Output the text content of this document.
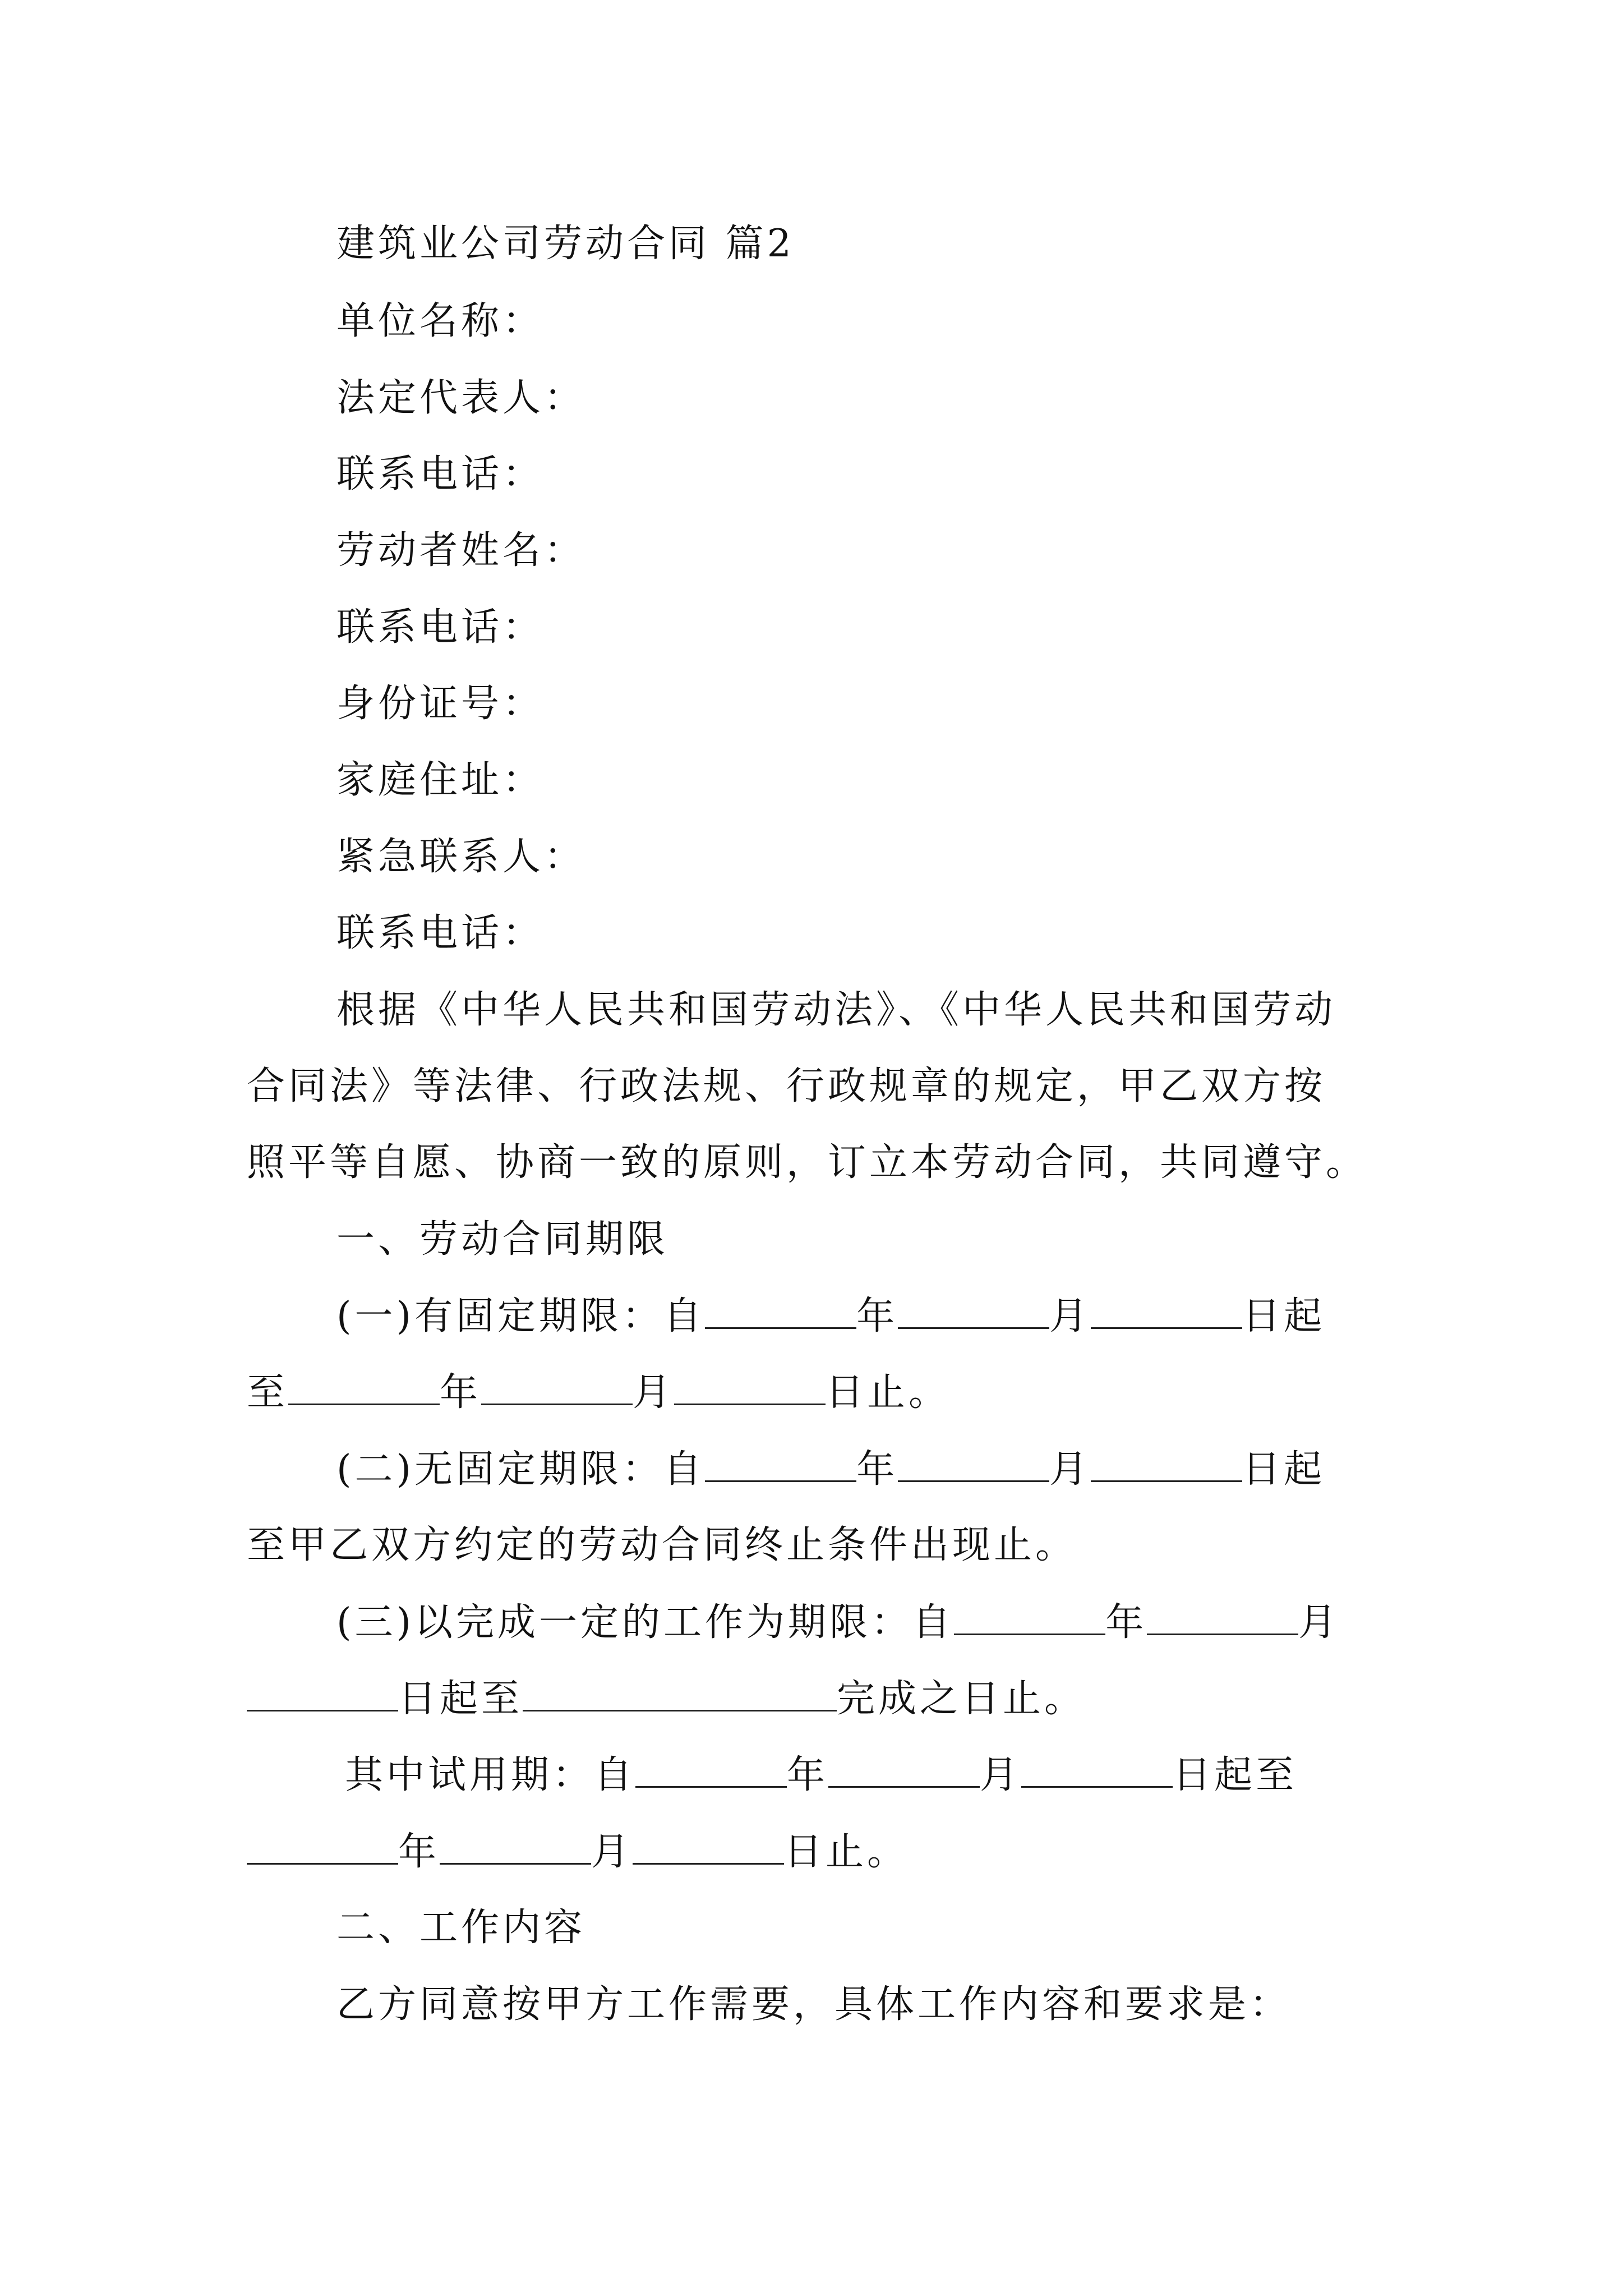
建筑业公司劳动合同 篇2
单位名称：
法定代表人：
联系电话：
劳动者姓名：
联系电话：
身份证号：
家庭住址：
紧急联系人：
联系电话：
根据《中华人民共和国劳动法》、《中华人民共和国劳动
合同法》等法律、行政法规、行政规章的规定，甲乙双方按
照平等自愿、协商一致的原则，订立本劳动合同，共同遵守。
一、劳动合同期限
(一)有固定期限：自	年	月	日起
至	年	月	日止。
(二)无固定期限：自	年	月	日起
至甲乙双方约定的劳动合同终止条件出现止。
(三)以完成一定的工作为期限：自	年	月
日起至	完成之日止。
其中试用期：自	年	月	日起至
年	月	日止。
二、工作内容
乙方同意按甲方工作需要，具体工作内容和要求是：
